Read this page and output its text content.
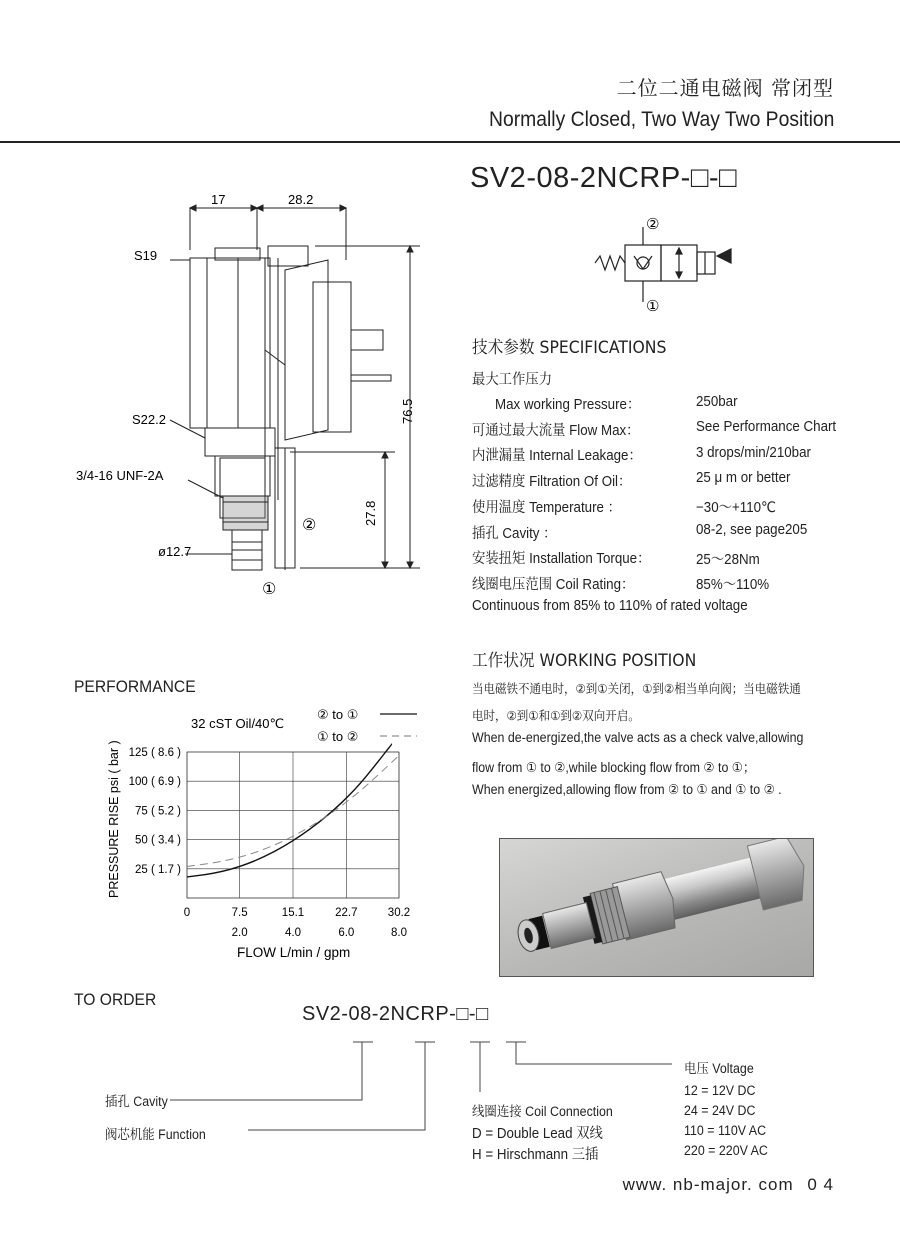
二位二通电磁阀 常闭型
Normally Closed, Two Way Two Position
SV2-08-2NCRP-□-□
17	28.2
S19
S22.2
3/4-16 UNF-2A
ø12.7
76.5
27.8
②
①
②
①
技术参数 SPECIFICATIONS
最大工作压力
Max working Pressure：	250bar
可通过最大流量 Flow Max：	See Performance Chart
内泄漏量 Internal Leakage：	3 drops/min/210bar
过滤精度 Filtration Of Oil：	25 μ m or better
使用温度 Temperature ：	−30～+110℃
插孔 Cavity ：	08-2, see page205
安装扭矩 Installation Torque：	25～28Nm
线圈电压范围 Coil Rating：	85%～110%
Continuous from 85% to 110% of rated voltage
工作状况 WORKING POSITION
当电磁铁不通电时，②到①关闭，①到②相当单向阀；当电磁铁通
电时，②到①和①到②双向开启。
When de-energized,the valve acts as a check valve,allowing
flow from ① to ②,while blocking flow from ② to ①；
When energized,allowing flow from ② to ① and ① to ② .
PERFORMANCE
32 cST Oil/40℃
② to ①
① to ②
25 ( 1.7 )
50 ( 3.4 )
75 ( 5.2 )
100 ( 6.9 )
125 ( 8.6 )
0	7.5	15.1	22.7	30.2
2.0	4.0	6.0	8.0
PRESSURE RISE psi ( bar )
FLOW L/min / gpm
TO ORDER
SV2-08-2NCRP-□-□
插孔 Cavity
阀芯机能 Function
线圈连接 Coil Connection
D = Double Lead 双线
H = Hirschmann 三插
电压 Voltage
12 = 12V DC
24 = 24V DC
110 = 110V AC
220 = 220V AC
www. nb-major. com 0 4
